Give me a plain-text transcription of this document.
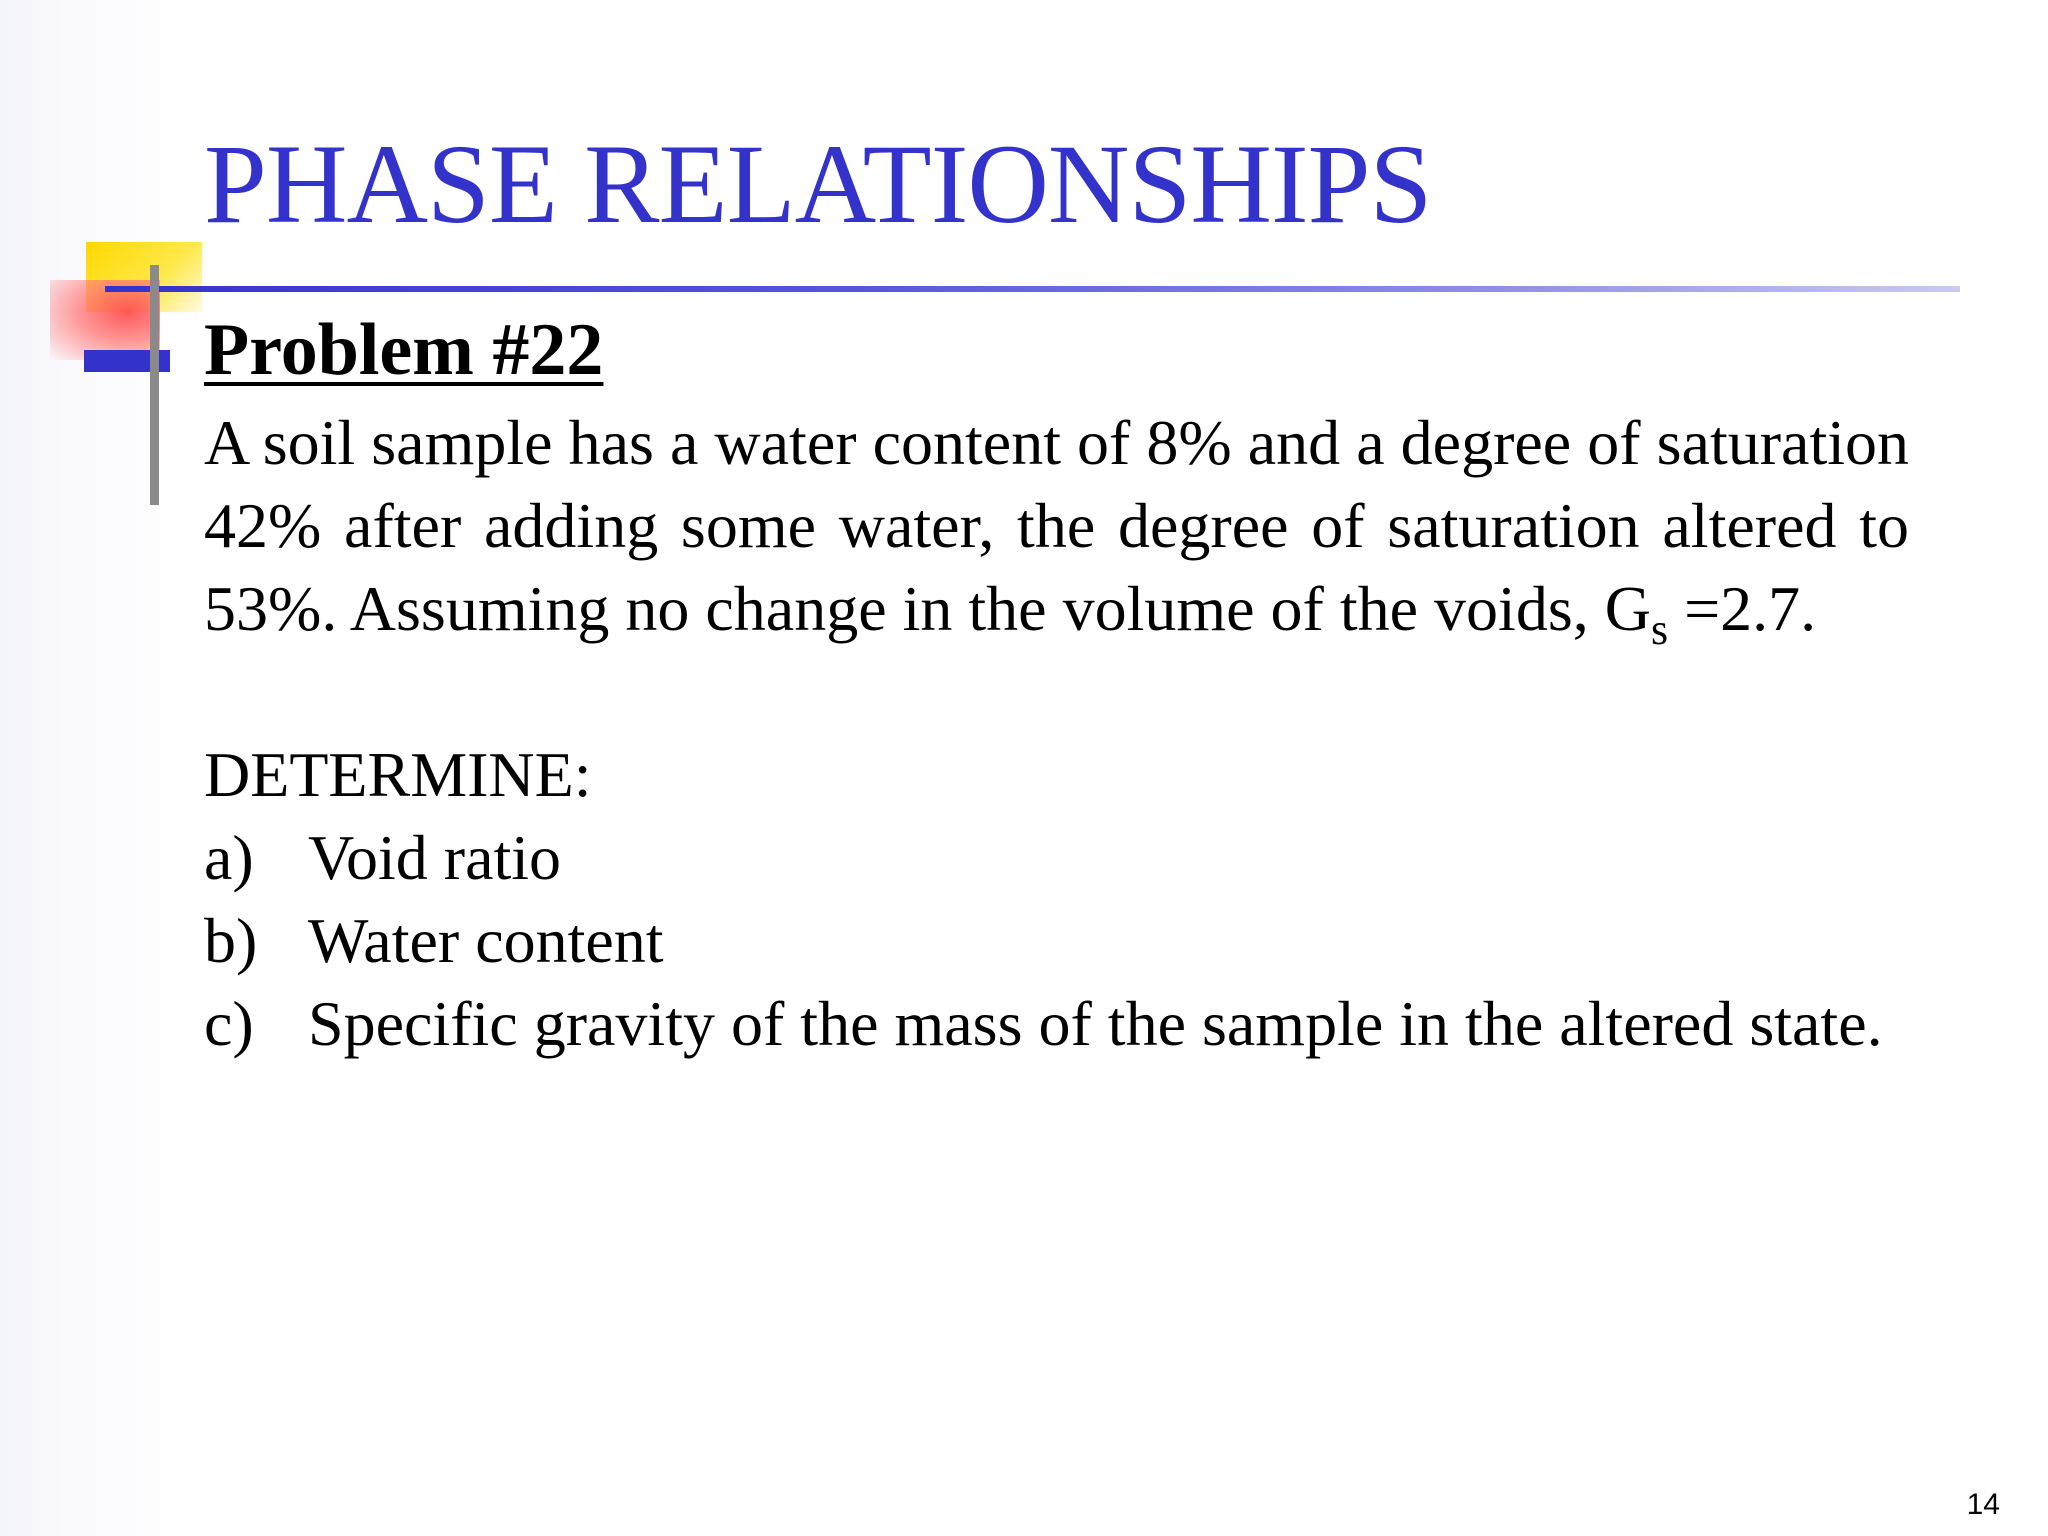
PHASE RELATIONSHIPS

Problem #22

A soil sample has a water content of 8% and a degree of saturation 42% after adding some water, the degree of saturation altered to 53%. Assuming no change in the volume of the voids, $G_s =2.7$.

DETERMINE:

a) Void ratio
b) Water content
c) Specific gravity of the mass of the sample in the altered state.
14
